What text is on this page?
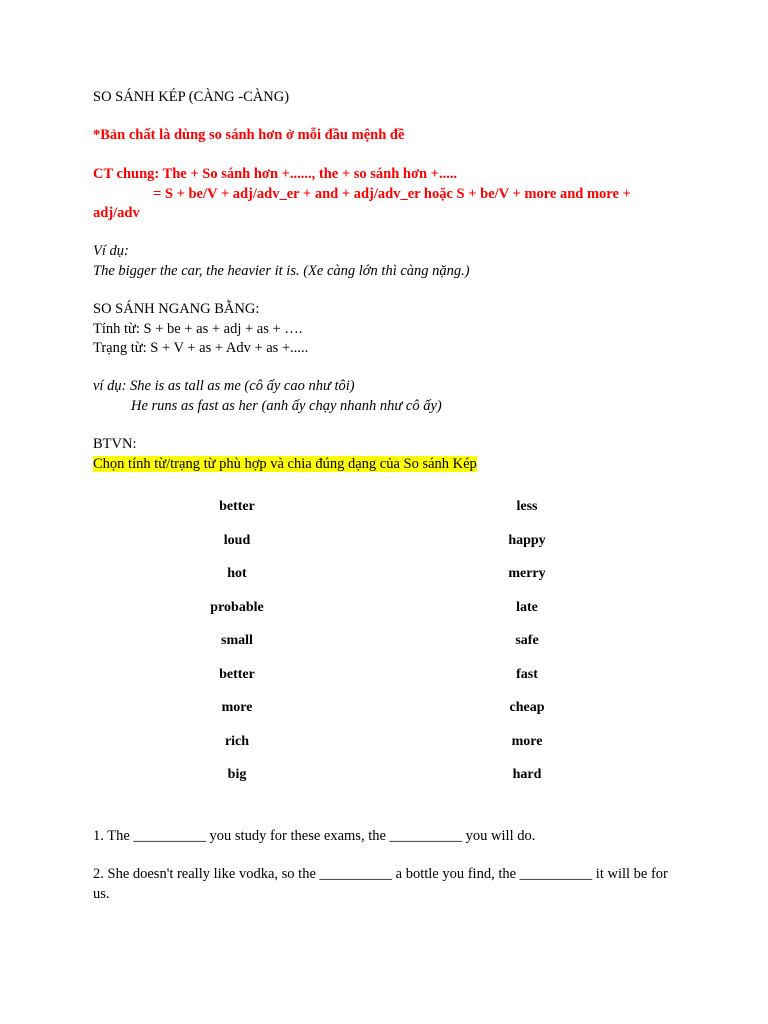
SO SÁNH KÉP (CÀNG -CÀNG)
*Bản chất là dùng so sánh hơn ở mỗi đầu mệnh đề
CT chung: The + So sánh hơn +......, the + so sánh hơn +.....
= S + be/V + adj/adv_er + and + adj/adv_er hoặc S + be/V + more and more +
adj/adv
Ví dụ:
The bigger the car, the heavier it is. (Xe càng lớn thì càng nặng.)
SO SÁNH NGANG BẰNG:
Tính từ: S + be + as + adj + as + ….
Trạng từ: S + V + as + Adv + as +.....
ví dụ: She is as tall as me (cô ấy cao như tôi)
He runs as fast as her (anh ấy chạy nhanh như cô ấy)
BTVN:
Chọn tính từ/trạng từ phù hợp và chia đúng dạng của So sánh Kép
better
loud
hot
probable
small
better
more
rich
big
less
happy
merry
late
safe
fast
cheap
more
hard
1. The __________ you study for these exams, the __________ you will do.
2. She doesn't really like vodka, so the __________ a bottle you find, the __________ it will be for us.
